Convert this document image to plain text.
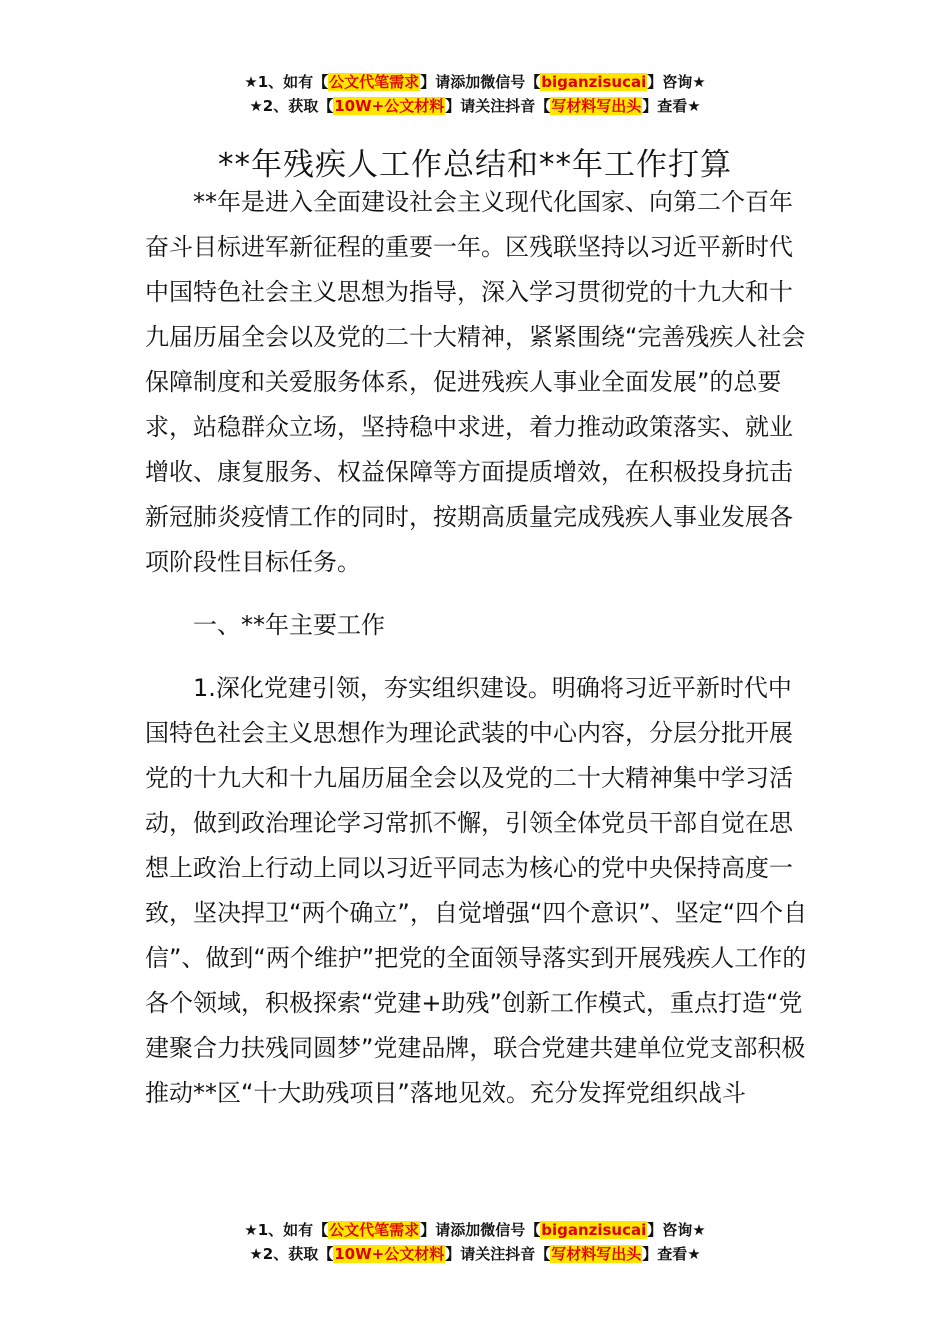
★1、如有【公文代笔需求】请添加微信号【biganzisucai】咨询★
★2、获取【10W+公文材料】请关注抖音【写材料写出头】查看★
**年残疾人工作总结和**年工作打算

**年是进入全面建设社会主义现代化国家、向第二个百年奋斗目标进军新征程的重要一年。区残联坚持以习近平新时代中国特色社会主义思想为指导，深入学习贯彻党的十九大和十九届历届全会以及党的二十大精神，紧紧围绕“完善残疾人社会保障制度和关爱服务体系，促进残疾人事业全面发展”的总要求，站稳群众立场，坚持稳中求进，着力推动政策落实、就业增收、康复服务、权益保障等方面提质增效，在积极投身抗击新冠肺炎疫情工作的同时，按期高质量完成残疾人事业发展各项阶段性目标任务。

一、**年主要工作

1.深化党建引领，夯实组织建设。明确将习近平新时代中国特色社会主义思想作为理论武装的中心内容，分层分批开展党的十九大和十九届历届全会以及党的二十大精神集中学习活动，做到政治理论学习常抓不懈，引领全体党员干部自觉在思想上政治上行动上同以习近平同志为核心的党中央保持高度一致，坚决捍卫“两个确立”，自觉增强“四个意识”、坚定“四个自信”、做到“两个维护”把党的全面领导落实到开展残疾人工作的各个领域，积极探索“党建+助残”创新工作模式，重点打造“党建聚合力扶残同圆梦”党建品牌，联合党建共建单位党支部积极推动**区“十大助残项目”落地见效。充分发挥党组织战斗

★1、如有【公文代笔需求】请添加微信号【biganzisucai】咨询★
★2、获取【10W+公文材料】请关注抖音【写材料写出头】查看★
